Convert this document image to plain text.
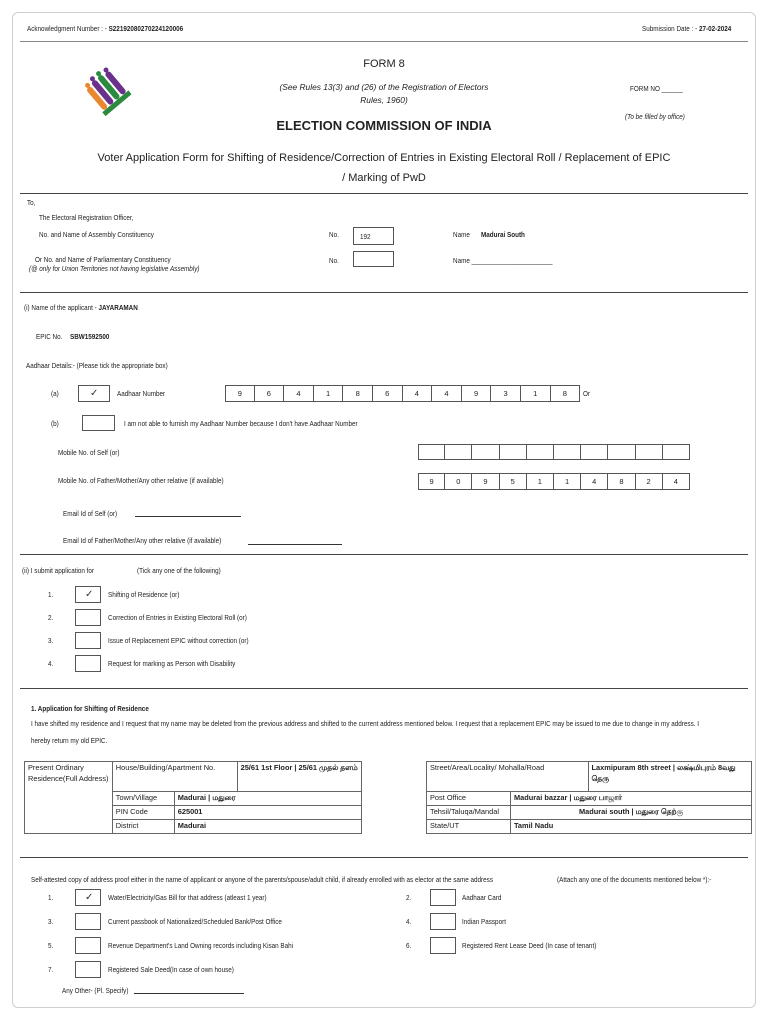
Acknowledgment Number : - S22192080270224120006	Submission Date : - 27-02-2024
FORM 8
(See Rules 13(3) and (26) of the Registration of Electors
Rules, 1960)
ELECTION COMMISSION OF INDIA
FORM NO ______
(To be filled by office)
Voter Application Form for Shifting of Residence/Correction of Entries in Existing Electoral Roll / Replacement of EPIC
/ Marking of PwD
To,
The Electoral Registration Officer,
No. and Name of Assembly Constituency	No.	192	Name Madurai South
Or No. and Name of Parliamentary Constituency
(@ only for Union Territories not having legislative Assembly)
No.	Name _______________________
(i) Name of the applicant - JAYARAMAN
EPIC No. SBW1592500
Aadhaar Details:- (Please tick the appropriate box)
(a)	✓	Aadhaar Number	9	6	4	1	8	6	4	4	9	3	1	8	Or
(b)	I am not able to furnish my Aadhaar Number because I don't have Aadhaar Number
Mobile No. of Self (or)
Mobile No. of Father/Mother/Any other relative (if available)	9	0	9	5	1	1	4	8	2	4
Email Id of Self (or)
Email Id of Father/Mother/Any other relative (if available)
(ii) I submit application for	(Tick any one of the following)
1.	✓ Shifting of Residence (or)
2.	Correction of Entries in Existing Electoral Roll (or)
3.	Issue of Replacement EPIC without correction (or)
4.	Request for marking as Person with Disability
1. Application for Shifting of Residence
I have shifted my residence and I request that my name may be deleted from the previous address and shifted to the current address mentioned below. I request that a replacement EPIC may be issued to me due to change in my address. I
hereby return my old EPIC.
Present Ordinary Residence(Full Address)	House/Building/Apartment No.		25/61 1st Floor | 25/61 முதல் தளம்
	Town/Village	Madurai | மதுரை	
	PIN Code	625001	
	District	Madurai	
Street/Area/Locality/ Mohalla/Road		Laxmipuram 8th street | லக்ஷ்மிபுரம் 8வது தெரு
Post Office	Madurai bazzar | மதுரை பாஜார்	
Tehsil/Taluqa/Mandal	Madurai south | மதுரை தெற்கு	
State/UT	Tamil Nadu	
Self-attested copy of address proof either in the name of applicant or anyone of the parents/spouse/adult child, if already enrolled with as elector at the same address	(Attach any one of the documents mentioned below *):-
1.	✓ Water/Electricity/Gas Bill for that address (atleast 1 year)
3.	Current passbook of Nationalized/Scheduled Bank/Post Office
5.	Revenue Department's Land Owning records including Kisan Bahi
7.	Registered Sale Deed(In case of own house)
2.	Aadhaar Card
4.	Indian Passport
6.	Registered Rent Lease Deed (In case of tenant)
Any Other- (Pl. Specify)
